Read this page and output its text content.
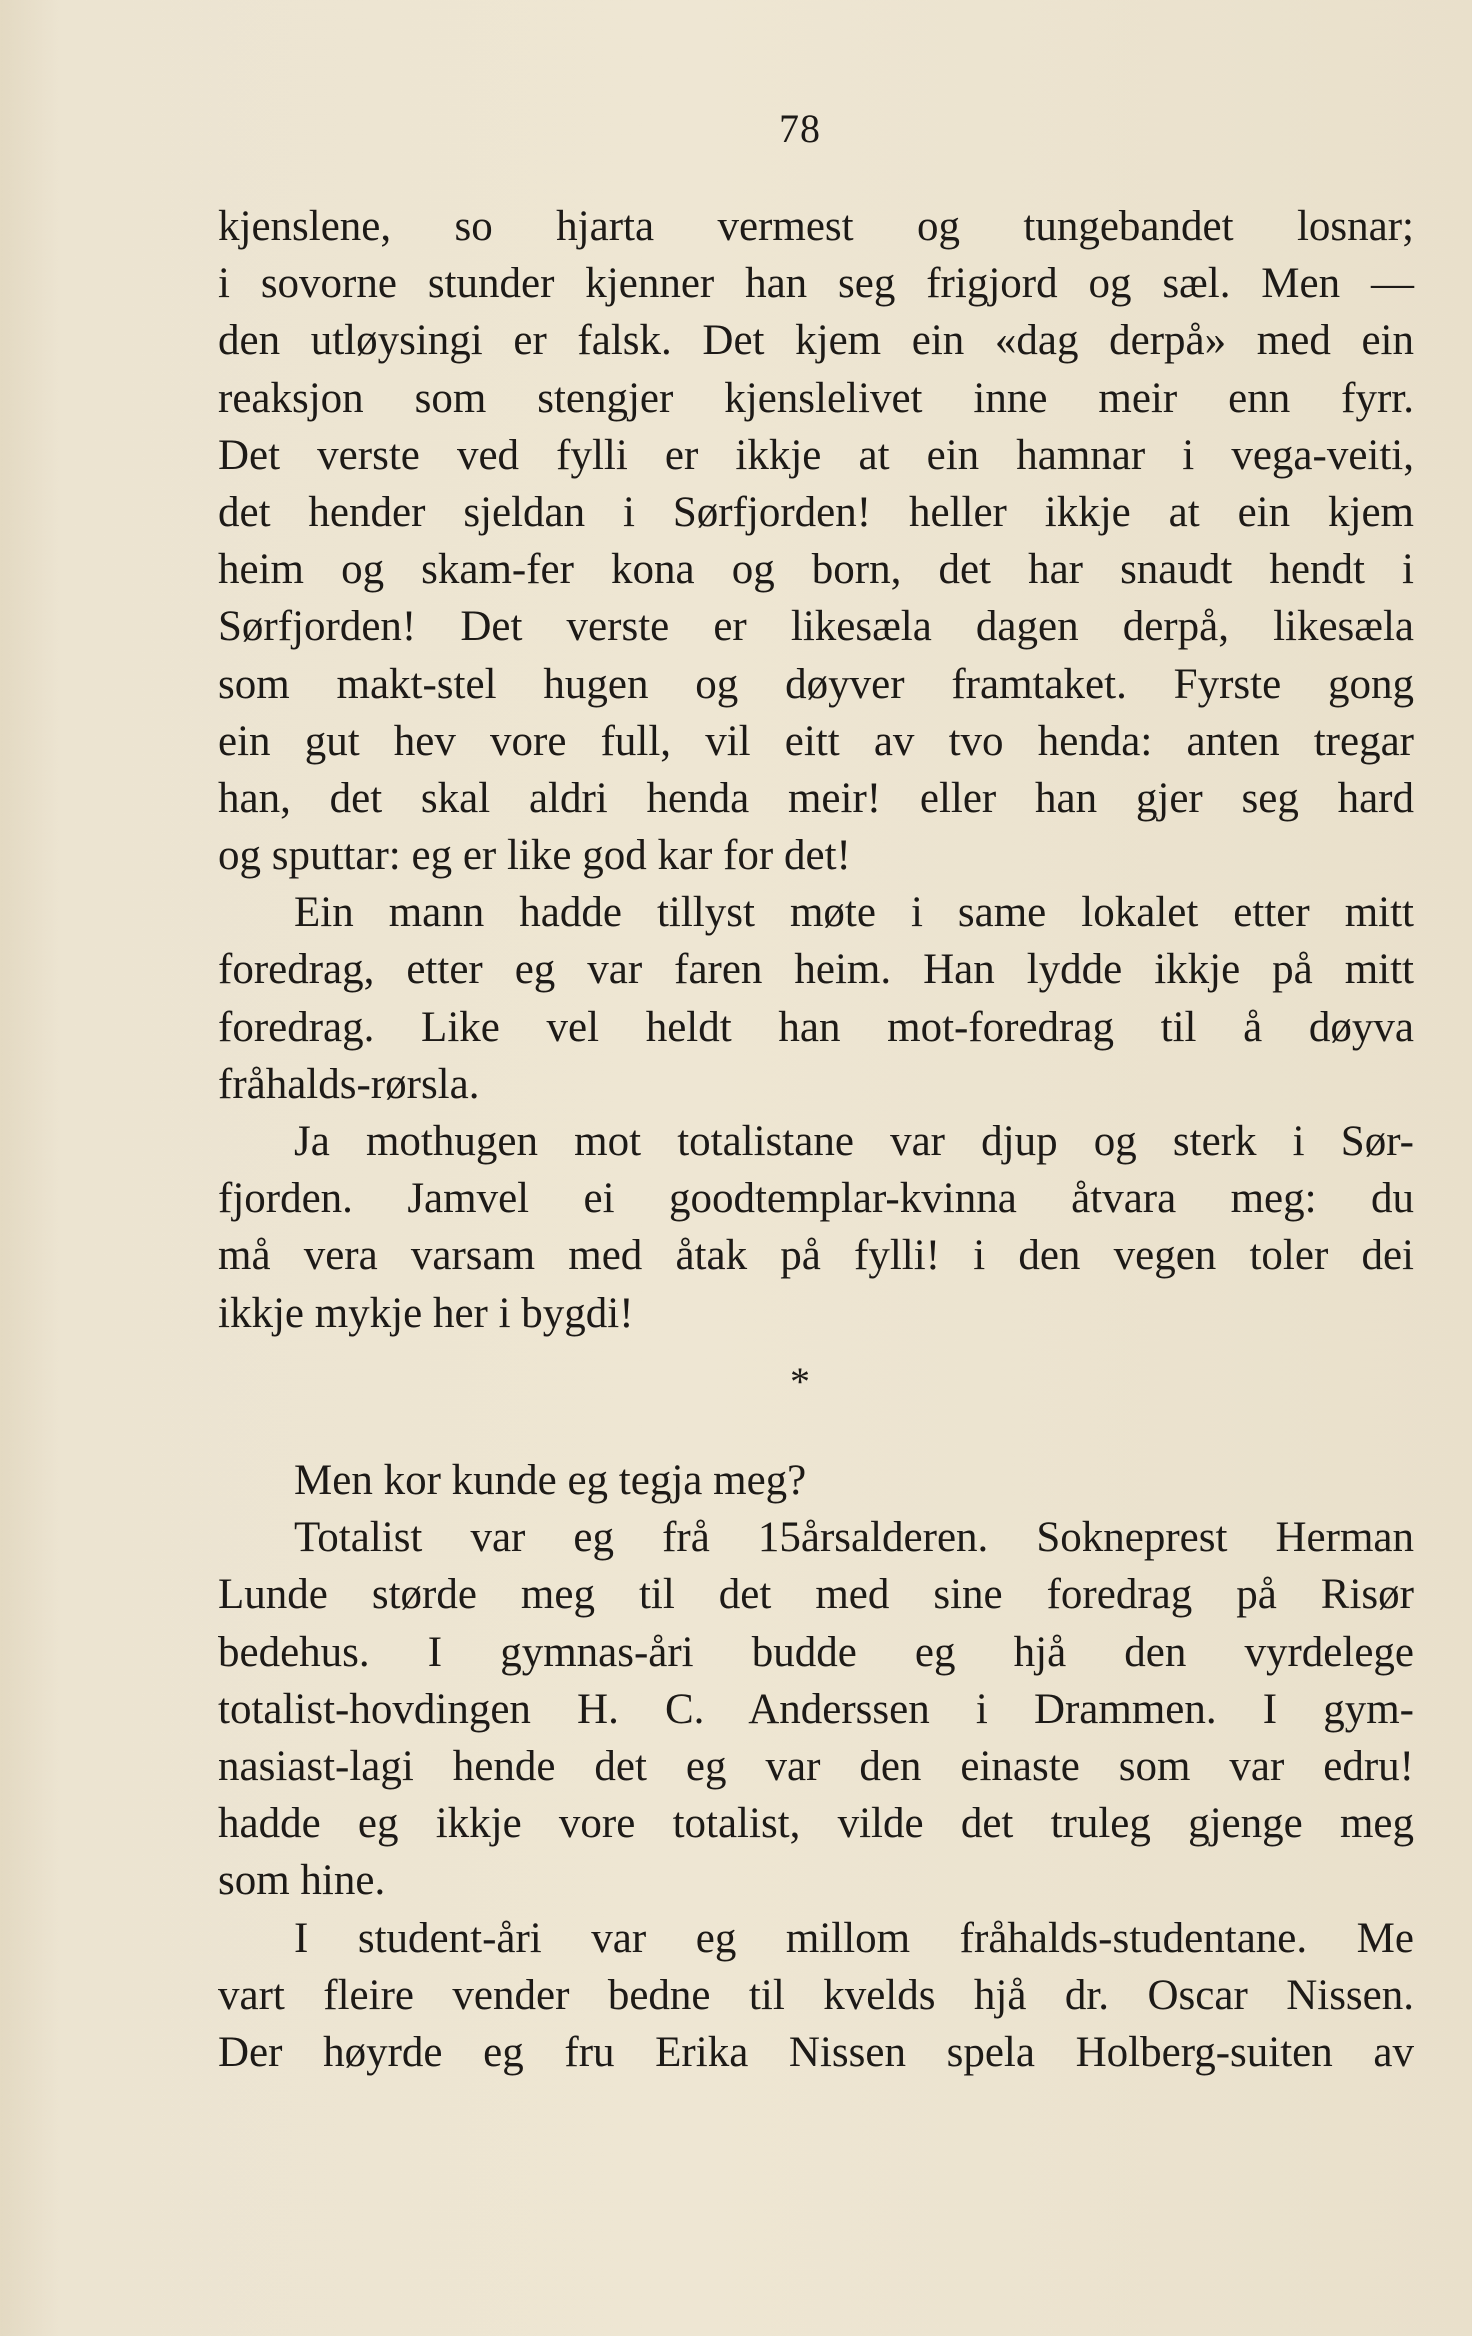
78
kjenslene, so hjarta vermest og tungebandet losnar;
i sovorne stunder kjenner han seg frigjord og sæl. Men —
den utløysingi er falsk. Det kjem ein «dag derpå» med ein
reaksjon som stengjer kjenslelivet inne meir enn fyrr.
Det verste ved fylli er ikkje at ein hamnar i vega-veiti,
det hender sjeldan i Sørfjorden! heller ikkje at ein kjem
heim og skam-fer kona og born, det har snaudt hendt i
Sørfjorden! Det verste er likesæla dagen derpå, likesæla
som makt-stel hugen og døyver framtaket. Fyrste gong
ein gut hev vore full, vil eitt av tvo henda: anten tregar
han, det skal aldri henda meir! eller han gjer seg hard
og sputtar: eg er like god kar for det!
Ein mann hadde tillyst møte i same lokalet etter mitt
foredrag, etter eg var faren heim. Han lydde ikkje på mitt
foredrag. Like vel heldt han mot-foredrag til å døyva
fråhalds-rørsla.
Ja mothugen mot totalistane var djup og sterk i Sør-
fjorden. Jamvel ei goodtemplar-kvinna åtvara meg: du
må vera varsam med åtak på fylli! i den vegen toler dei
ikkje mykje her i bygdi!
*
Men kor kunde eg tegja meg?
Totalist var eg frå 15årsalderen. Sokneprest Herman
Lunde størde meg til det med sine foredrag på Risør
bedehus. I gymnas-åri budde eg hjå den vyrdelege
totalist-hovdingen H. C. Anderssen i Drammen. I gym-
nasiast-lagi hende det eg var den einaste som var edru!
hadde eg ikkje vore totalist, vilde det truleg gjenge meg
som hine.
I student-åri var eg millom fråhalds-studentane. Me
vart fleire vender bedne til kvelds hjå dr. Oscar Nissen.
Der høyrde eg fru Erika Nissen spela Holberg-suiten av
